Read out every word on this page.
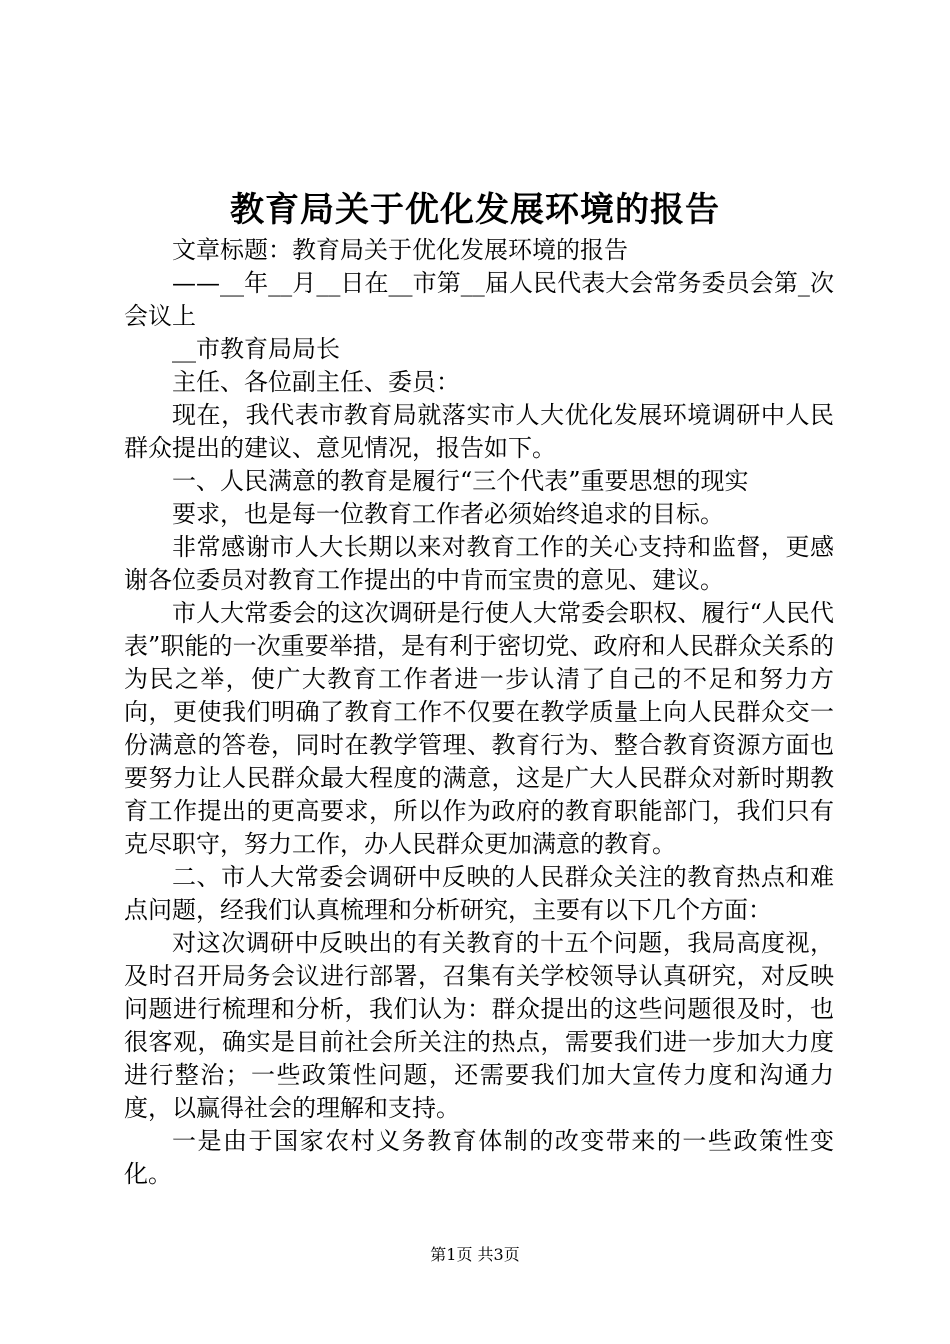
教育局关于优化发展环境的报告

文章标题：教育局关于优化发展环境的报告

——__年__月__日在__市第__届人民代表大会常务委员会第_次会议上

__市教育局局长

主任、各位副主任、委员：

现在，我代表市教育局就落实市人大优化发展环境调研中人民群众提出的建议、意见情况，报告如下。

一、人民满意的教育是履行“三个代表”重要思想的现实

要求，也是每一位教育工作者必须始终追求的目标。

非常感谢市人大长期以来对教育工作的关心支持和监督，更感谢各位委员对教育工作提出的中肯而宝贵的意见、建议。

市人大常委会的这次调研是行使人大常委会职权、履行“人民代表”职能的一次重要举措，是有利于密切党、政府和人民群众关系的为民之举，使广大教育工作者进一步认清了自己的不足和努力方向，更使我们明确了教育工作不仅要在教学质量上向人民群众交一份满意的答卷，同时在教学管理、教育行为、整合教育资源方面也要努力让人民群众最大程度的满意，这是广大人民群众对新时期教育工作提出的更高要求，所以作为政府的教育职能部门，我们只有克尽职守，努力工作，办人民群众更加满意的教育。

二、市人大常委会调研中反映的人民群众关注的教育热点和难点问题，经我们认真梳理和分析研究，主要有以下几个方面：

对这次调研中反映出的有关教育的十五个问题，我局高度视，及时召开局务会议进行部署，召集有关学校领导认真研究，对反映问题进行梳理和分析，我们认为：群众提出的这些问题很及时，也很客观，确实是目前社会所关注的热点，需要我们进一步加大力度进行整治；一些政策性问题，还需要我们加大宣传力度和沟通力度，以赢得社会的理解和支持。

一是由于国家农村义务教育体制的改变带来的一些政策性变化。

第1页 共3页
